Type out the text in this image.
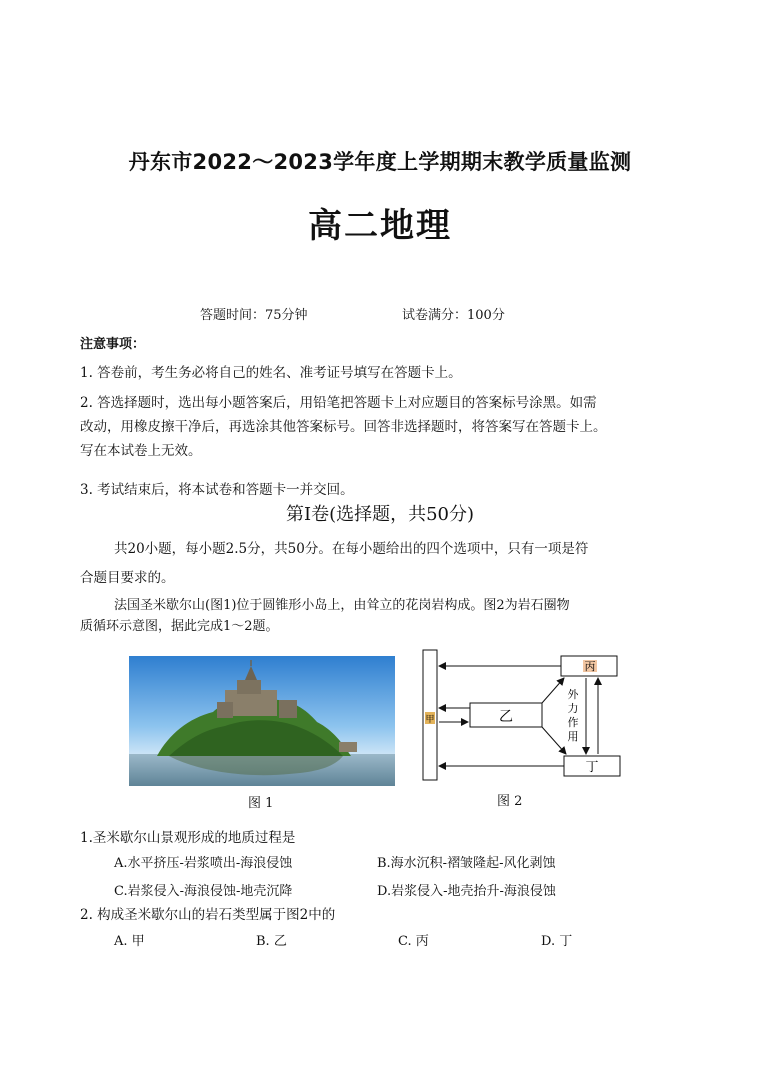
丹东市2022～2023学年度上学期期末教学质量监测
高二地理
答题时间：75分钟	试卷满分：100分
注意事项：
1. 答卷前，考生务必将自己的姓名、准考证号填写在答题卡上。
2. 答选择题时，选出每小题答案后，用铅笔把答题卡上对应题目的答案标号涂黑。如需
改动，用橡皮擦干净后，再选涂其他答案标号。回答非选择题时，将答案写在答题卡上。
写在本试卷上无效。
3. 考试结束后，将本试卷和答题卡一并交回。
第Ⅰ卷(选择题，共50分)
共20小题，每小题2.5分，共50分。在每小题给出的四个选项中，只有一项是符
合题目要求的。
法国圣米歇尔山(图1)位于圆锥形小岛上，由耸立的花岗岩构成。图2为岩石圈物
质循环示意图，据此完成1～2题。
图 1
甲
丙
乙
丁
外
力
作
用
图 2
1.圣米歇尔山景观形成的地质过程是
A.水平挤压-岩浆喷出-海浪侵蚀	B.海水沉积-褶皱隆起-风化剥蚀
C.岩浆侵入-海浪侵蚀-地壳沉降	D.岩浆侵入-地壳抬升-海浪侵蚀
2. 构成圣米歇尔山的岩石类型属于图2中的
A. 甲	B. 乙	C. 丙	D. 丁
